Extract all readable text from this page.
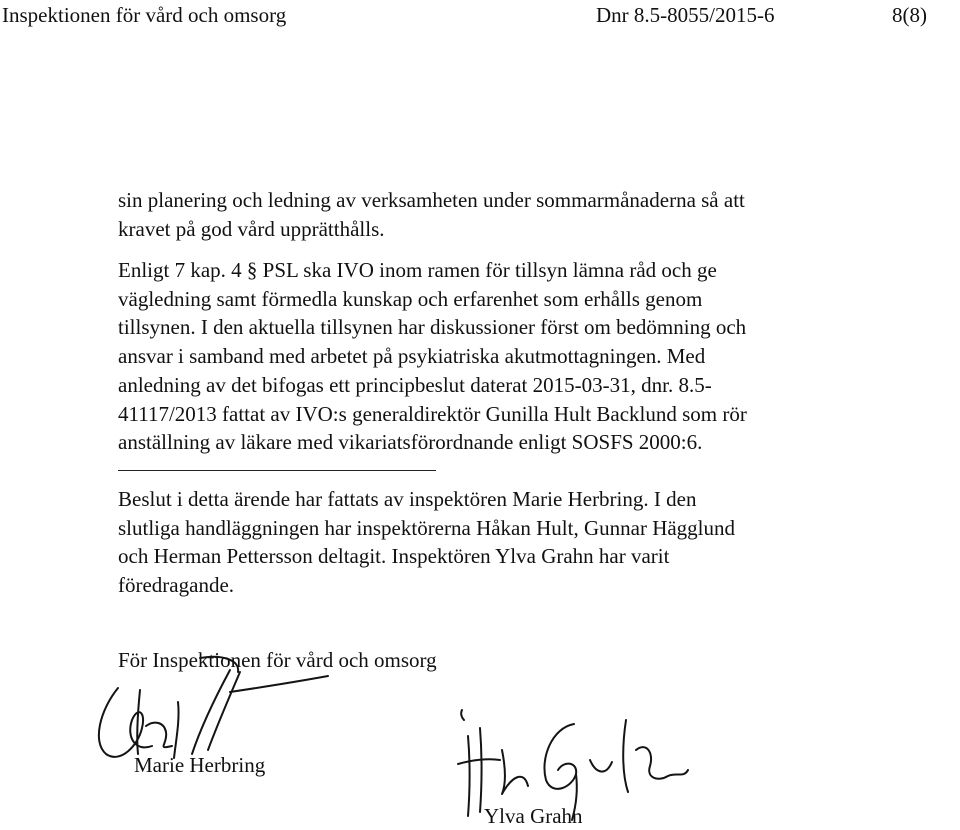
Inspektionen för vård och omsorg	Dnr 8.5-8055/2015-6	8(8)
sin planering och ledning av verksamheten under sommarmånaderna så att
kravet på god vård upprätthålls.
Enligt 7 kap. 4 § PSL ska IVO inom ramen för tillsyn lämna råd och ge
vägledning samt förmedla kunskap och erfarenhet som erhålls genom
tillsynen. I den aktuella tillsynen har diskussioner först om bedömning och
ansvar i samband med arbetet på psykiatriska akutmottagningen. Med
anledning av det bifogas ett principbeslut daterat 2015-03-31, dnr. 8.5-
41117/2013 fattat av IVO:s generaldirektör Gunilla Hult Backlund som rör
anställning av läkare med vikariatsförordnande enligt SOSFS 2000:6.
Beslut i detta ärende har fattats av inspektören Marie Herbring. I den
slutliga handläggningen har inspektörerna Håkan Hult, Gunnar Hägglund
och Herman Pettersson deltagit. Inspektören Ylva Grahn har varit
föredragande.
För Inspektionen för vård och omsorg
Marie Herbring
Ylva Grahn
